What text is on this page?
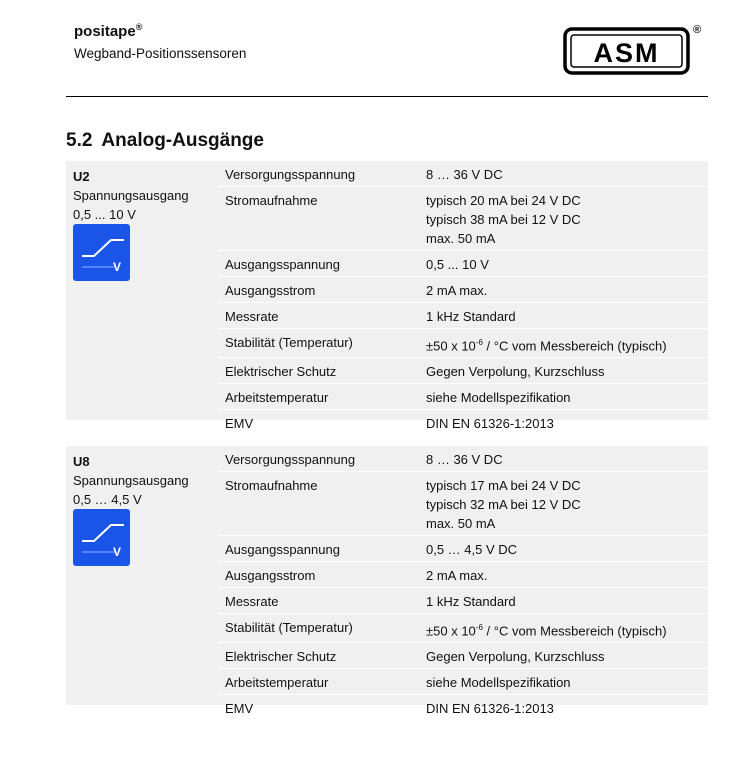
positape®
Wegband-Positionssensoren	ASM
®
5.2 Analog-Ausgänge
U2
Spannungsausgang
0,5 ... 10 V
V
Versorgungsspannung	8 … 36 V DC
Stromaufnahme	typisch 20 mA bei 24 V DC
typisch 38 mA bei 12 V DC
max. 50 mA
Ausgangsspannung	0,5 ... 10 V
Ausgangsstrom	2 mA max.
Messrate	1 kHz Standard
Stabilität (Temperatur)	±50 x $10^{-6} / ^\circ C$ vom Messbereich (typisch)
Elektrischer Schutz	Gegen Verpolung, Kurzschluss
Arbeitstemperatur	siehe Modellspezifikation
EMV	DIN EN 61326-1:2013
U8
Spannungsausgang
0,5 … 4,5 V
V
Versorgungsspannung	8 … 36 V DC
Stromaufnahme	typisch 17 mA bei 24 V DC
typisch 32 mA bei 12 V DC
max. 50 mA
Ausgangsspannung	0,5 … 4,5 V DC
Ausgangsstrom	2 mA max.
Messrate	1 kHz Standard
Stabilität (Temperatur)	±50 x $10^{-6} / ^\circ C$ vom Messbereich (typisch)
Elektrischer Schutz	Gegen Verpolung, Kurzschluss
Arbeitstemperatur	siehe Modellspezifikation
EMV	DIN EN 61326-1:2013
